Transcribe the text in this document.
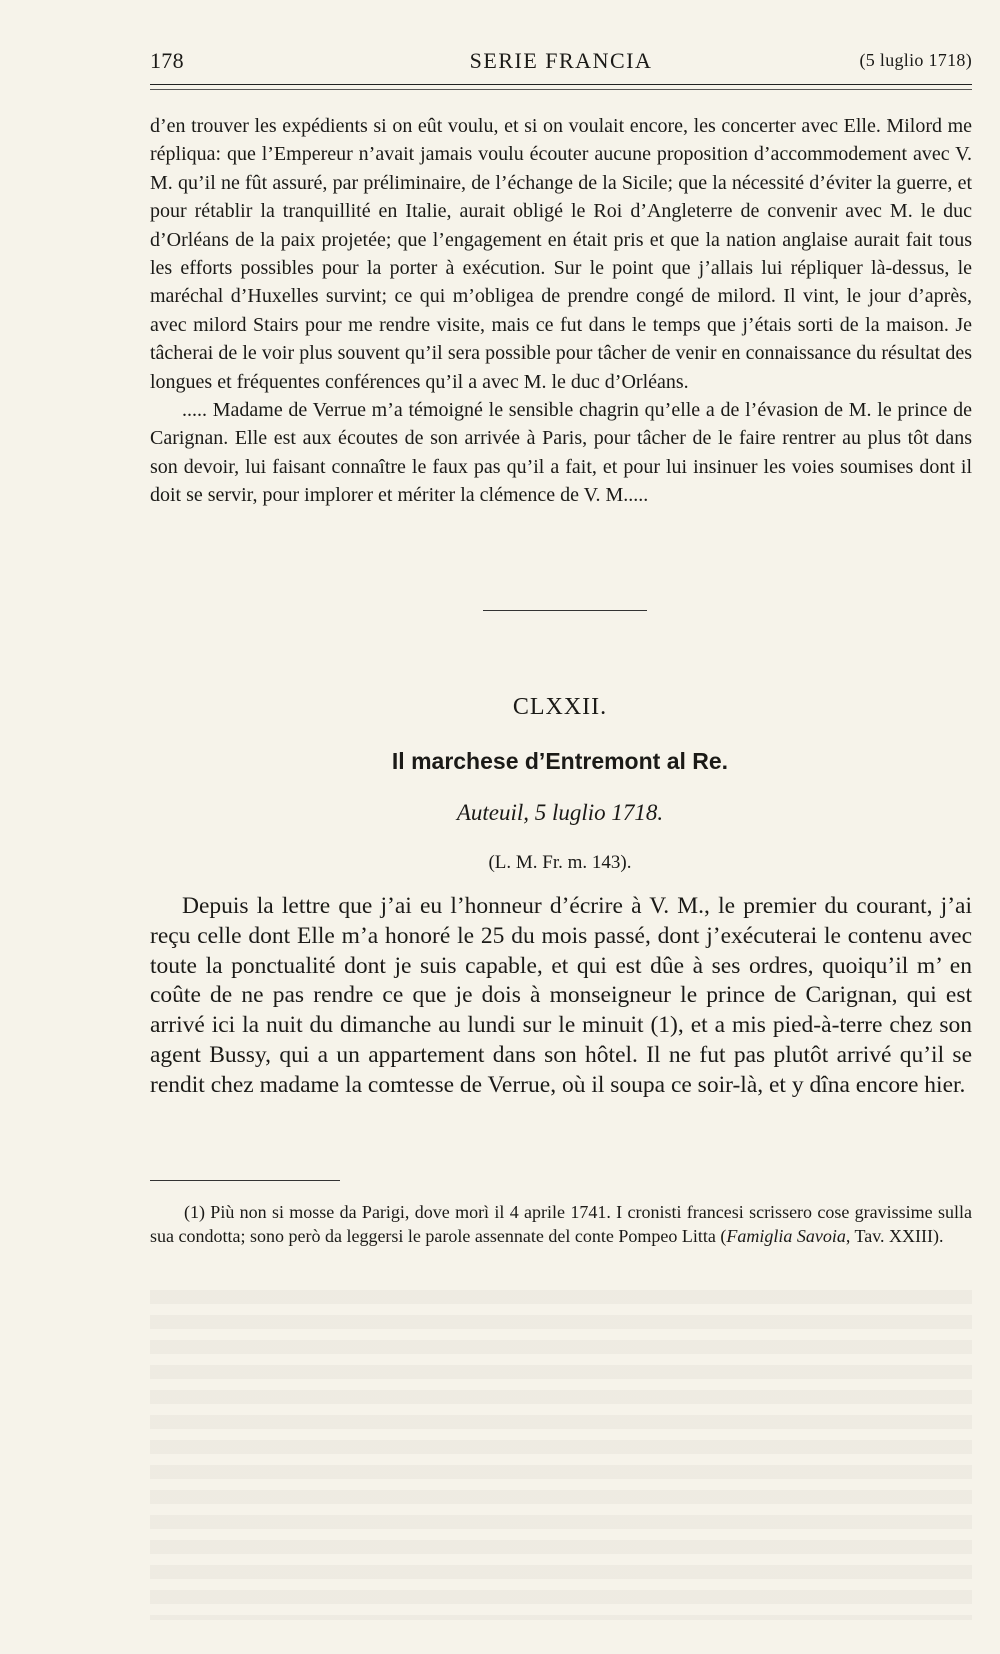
178	SERIE FRANCIA	(5 luglio 1718)

d’en trouver les expédients si on eût voulu, et si on voulait encore, les concerter avec Elle. Milord me répliqua: que l’Empereur n’avait jamais voulu écouter aucune proposition d’accommodement avec V. M. qu’il ne fût assuré, par préliminaire, de l’échange de la Sicile; que la nécessité d’éviter la guerre, et pour rétablir la tranquillité en Italie, aurait obligé le Roi d’Angleterre de convenir avec M. le duc d’Orléans de la paix projetée; que l’engagement en était pris et que la nation anglaise aurait fait tous les efforts possibles pour la porter à exécution. Sur le point que j’allais lui répliquer là-dessus, le maréchal d’Huxelles survint; ce qui m’obligea de prendre congé de milord. Il vint, le jour d’après, avec milord Stairs pour me rendre visite, mais ce fut dans le temps que j’étais sorti de la maison. Je tâcherai de le voir plus souvent qu’il sera possible pour tâcher de venir en connaissance du résultat des longues et fréquentes conférences qu’il a avec M. le duc d’Orléans.

..... Madame de Verrue m’a témoigné le sensible chagrin qu’elle a de l’évasion de M. le prince de Carignan. Elle est aux écoutes de son arrivée à Paris, pour tâcher de le faire rentrer au plus tôt dans son devoir, lui faisant connaître le faux pas qu’il a fait, et pour lui insinuer les voies soumises dont il doit se servir, pour implorer et mériter la clémence de V. M.....

CLXXII.
Il marchese d’Entremont al Re.
Auteuil, 5 luglio 1718.
(L. M. Fr. m. 143).

Depuis la lettre que j’ai eu l’honneur d’écrire à V. M., le premier du courant, j’ai reçu celle dont Elle m’a honoré le 25 du mois passé, dont j’exécuterai le contenu avec toute la ponctualité dont je suis capable, et qui est dûe à ses ordres, quoiqu’il m’ en coûte de ne pas rendre ce que je dois à monseigneur le prince de Carignan, qui est arrivé ici la nuit du dimanche au lundi sur le minuit (1), et a mis pied-à-terre chez son agent Bussy, qui a un appartement dans son hôtel. Il ne fut pas plutôt arrivé qu’il se rendit chez madame la comtesse de Verrue, où il soupa ce soir-là, et y dîna encore hier.

(1) Più non si mosse da Parigi, dove morì il 4 aprile 1741. I cronisti francesi scrissero cose gravissime sulla sua condotta; sono però da leggersi le parole assennate del conte Pompeo Litta (Famiglia Savoia, Tav. XXIII).
